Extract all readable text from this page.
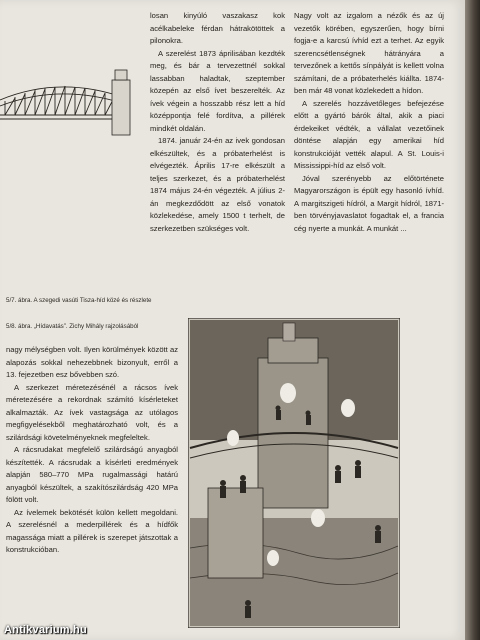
5/7. ábra. A szegedi vasúti Tisza-híd közé és részlete
5/8. ábra. „Hídavatás”. Zichy Mihály rajzolásából

losan kinyúló vaszakasz kok acélkabeleke férdan hátrakötöttek a pilonokra.

A szerelést 1873 áprilisában kezdték meg, és bár a tervezettnél sokkal lassabban haladtak, szeptember közepén az első ívet beszerelték. Az ívek végein a hosszabb rész lett a híd középpontja felé fordítva, a pillérek mindkét oldalán.

1874. január 24-én az ivek gondosan elkészültek, és a próbaterhelést is elvégezték. Április 17-re elkészült a teljes szerkezet, és a próbaterhelést 1874 május 24-én végezték. A július 2-án megkezdődött az első vonatok közlekedése, amely 1500 t terhelt, de szerkezetben szükséges volt.

Nagy volt az izgalom a nézők és az új vezetők körében, egyszerűen, hogy bírni fogja-e a karcsú ívhíd ezt a terhet. Az egyik szerencsétlenségnek hátrányára a tervezőnek a kettős sínpályát is kellett volna számítani, de a próbaterhelés kiállta. 1874-ben már 48 vonat közlekedett a hídon.

A szerelés hozzávetőleges befejezése előtt a gyártó bárók által, akik a piaci érdekeiket védték, a vállalat vezetőinek döntése alapján egy amerikai híd konstrukcióját vették alapul. A St. Louis-i Mississippi-híd az első volt.

Jóval szerényebb az előtörténete Magyarországon is épült egy hasonló ívhíd. A margitszigeti hídról, a Margit hídról, 1871-ben törvényjavaslatot fogadtak el, a francia cég nyerte a munkát. A munkát ...

nagy mélységben volt. Ilyen körülmények között az alapozás sokkal nehezebbnek bizonyult, erről a 13. fejezetben esz bővebben szó.

A szerkezet méretezésénél a rácsos ívek méretezésére a rekordnak számító kísérleteket alkalmazták. Az ívek vastagsága az utólagos megfigyelésekből meghatározható volt, és a szilárdsági követelményeknek megfeleltek.

A rácsrudakat megfelelő szilárdságú anyagból készítették. A rácsrudak a kísérleti eredmények alapján 580–770 MPa rugalmassági határú anyagból készültek, a szakítószilárdság 420 MPa fölött volt.

Az ívelemek bekötését külön kellett megoldani. A szerelésnél a mederpillérek és a hídfők magassága miatt a pillérek is szerepet játszottak a konstrukcióban.

Antikvarium.hu
